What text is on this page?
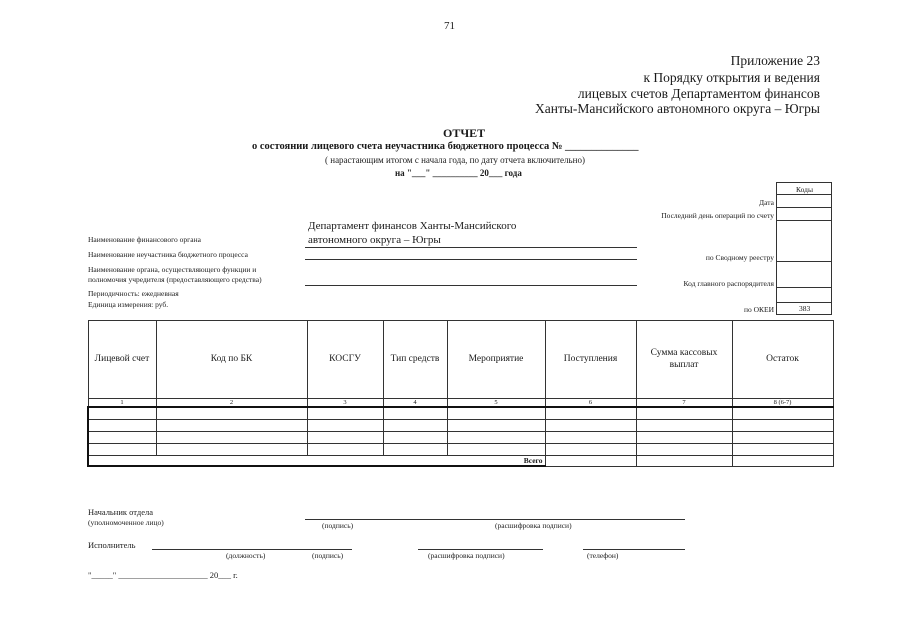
71
Приложение 23
к Порядку открытия и ведения
лицевых счетов Департаментом финансов
Ханты-Мансийского автономного округа – Югры
ОТЧЕТ
о состоянии лицевого счета неучастника бюджетного процесса № ______________
( нарастающим итогом с начала года, по дату отчета включительно)
на "___" __________ 20___ года
Коды
383
Дата
Последний день операций по счету
по Сводному реестру
Код главного распорядителя
по ОКЕИ
Департамент финансов Ханты-Мансийского
автономного округа – Югры
Наименование финансового органа
Наименование неучастника бюджетного процесса
Наименование органа, осуществляющего функции и
полномочия учредителя (предоставляющего средства)
Периодичность: ежедневная
Единица измерения: руб.
Лицевой счет	Код по БК	КОСГУ	Тип средств	Мероприятие	Поступления	Сумма кассовых выплат	Остаток
1	2	3	4	5	6	7	8 (6-7)

				Всего			
Начальник отдела
(уполномоченное лицо)	(подпись)	(расшифровка подписи)
Исполнитель
(должность)	(подпись)	(расшифровка подписи)	(телефон)
"_____" _____________________ 20___ г.
